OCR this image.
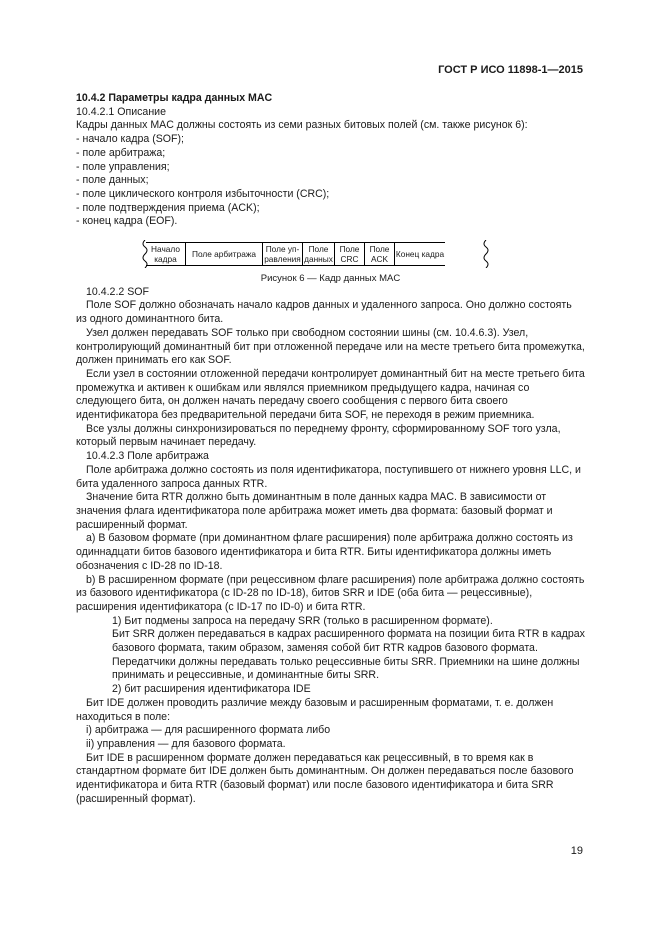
ГОСТ Р ИСО 11898-1—2015

10.4.2 Параметры кадра данных MAC

10.4.2.1 Описание

Кадры данных MAC должны состоять из семи разных битовых полей (см. также рисунок 6):

- начало кадра (SOF);

- поле арбитража;

- поле управления;

- поле данных;

- поле циклического контроля избыточности (CRC);

- поле подтверждения приема (ACK);

- конец кадра (EOF).

Начало кадра	Поле арбитража	Поле уп-равления
Поле данных
Поле CRC
Поле ACK Конец кадра

Рисунок 6 — Кадр данных MAC

10.4.2.2 SOF

Поле SOF должно обозначать начало кадров данных и удаленного запроса. Оно должно состоять из одного доминантного бита.

Узел должен передавать SOF только при свободном состоянии шины (см. 10.4.6.3). Узел, контролирующий доминантный бит при отложенной передаче или на месте третьего бита промежутка, должен принимать его как SOF.

Если узел в состоянии отложенной передачи контролирует доминантный бит на месте третьего бита промежутка и активен к ошибкам или являлся приемником предыдущего кадра, начиная со следующего бита, он должен начать передачу своего сообщения с первого бита своего идентификатора без предварительной передачи бита SOF, не переходя в режим приемника.

Все узлы должны синхронизироваться по переднему фронту, сформированному SOF того узла, который первым начинает передачу.

10.4.2.3 Поле арбитража

Поле арбитража должно состоять из поля идентификатора, поступившего от нижнего уровня LLC, и бита удаленного запроса данных RTR.

Значение бита RTR должно быть доминантным в поле данных кадра MAC. В зависимости от значения флага идентификатора поле арбитража может иметь два формата: базовый формат и расширенный формат.

а) В базовом формате (при доминантном флаге расширения) поле арбитража должно состоять из одиннадцати битов базового идентификатора и бита RTR. Биты идентификатора должны иметь обозначения с ID-28 по ID-18.

b) В расширенном формате (при рецессивном флаге расширения) поле арбитража должно состоять из базового идентификатора (с ID-28 по ID-18), битов SRR и IDE (оба бита — рецессивные), расширения идентификатора (с ID-17 по ID-0) и бита RTR.

1) Бит подмены запроса на передачу SRR (только в расширенном формате).

Бит SRR должен передаваться в кадрах расширенного формата на позиции бита RTR в кадрах базового формата, таким образом, заменяя собой бит RTR кадров базового формата. Передатчики должны передавать только рецессивные биты SRR. Приемники на шине должны принимать и рецессивные, и доминантные биты SRR.

2) бит расширения идентификатора IDE

Бит IDE должен проводить различие между базовым и расширенным форматами, т. е. должен находиться в поле:

i) арбитража — для расширенного формата либо

ii) управления — для базового формата.

Бит IDE в расширенном формате должен передаваться как рецессивный, в то время как в стандартном формате бит IDE должен быть доминантным. Он должен передаваться после базового идентификатора и бита RTR (базовый формат) или после базового идентификатора и бита SRR (расширенный формат).

19
